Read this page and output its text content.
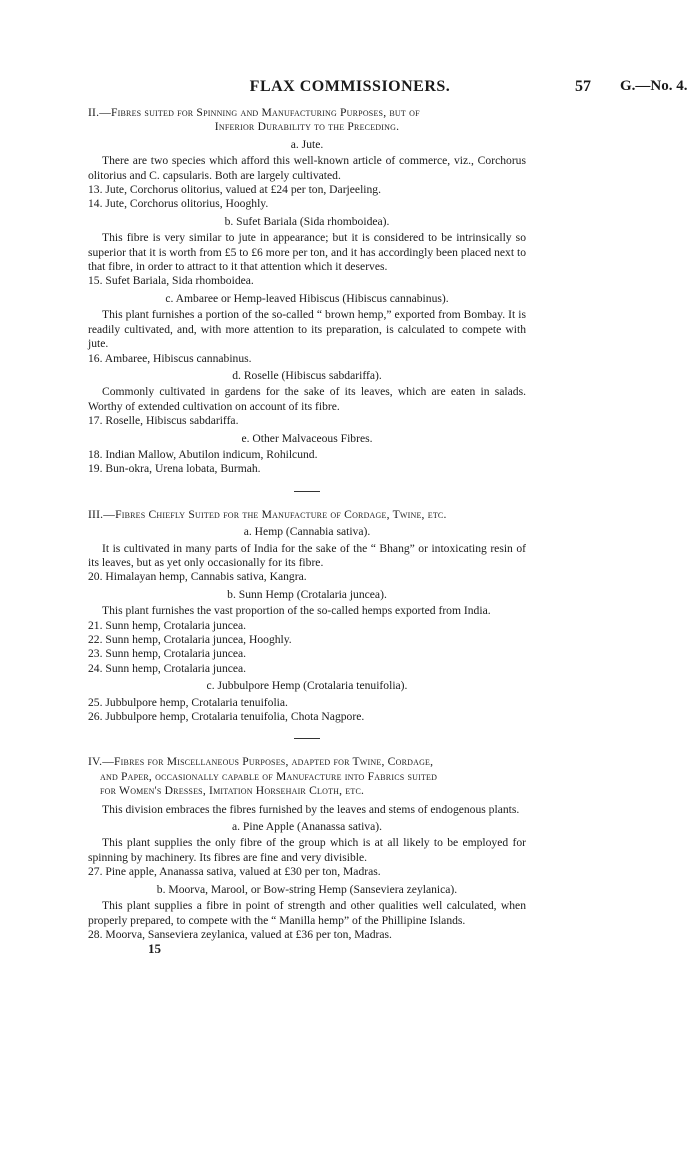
FLAX COMMISSIONERS.	57 G.—No. 4.
II.—Fibres suited for Spinning and Manufacturing Purposes, but of
Inferior Durability to the Preceding.

a. Jute.

There are two species which afford this well-known article of commerce, viz., Corchorus olitorius and C. capsularis. Both are largely cultivated.

13. Jute, Corchorus olitorius, valued at £24 per ton, Darjeeling.

14. Jute, Corchorus olitorius, Hooghly.

b. Sufet Bariala (Sida rhomboidea).

This fibre is very similar to jute in appearance; but it is considered to be intrinsically so superior that it is worth from £5 to £6 more per ton, and it has accordingly been placed next to that fibre, in order to attract to it that attention which it deserves.

15. Sufet Bariala, Sida rhomboidea.

c. Ambaree or Hemp-leaved Hibiscus (Hibiscus cannabinus).

This plant furnishes a portion of the so-called “ brown hemp,” exported from Bombay. It is readily cultivated, and, with more attention to its preparation, is calculated to compete with jute.

16. Ambaree, Hibiscus cannabinus.

d. Roselle (Hibiscus sabdariffa).

Commonly cultivated in gardens for the sake of its leaves, which are eaten in salads. Worthy of extended cultivation on account of its fibre.

17. Roselle, Hibiscus sabdariffa.

e. Other Malvaceous Fibres.

18. Indian Mallow, Abutilon indicum, Rohilcund.

19. Bun-okra, Urena lobata, Burmah.

III.—Fibres Chiefly Suited for the Manufacture of Cordage, Twine, etc.

a. Hemp (Cannabia sativa).

It is cultivated in many parts of India for the sake of the “ Bhang” or intoxicating resin of its leaves, but as yet only occasionally for its fibre.

20. Himalayan hemp, Cannabis sativa, Kangra.

b. Sunn Hemp (Crotalaria juncea).

This plant furnishes the vast proportion of the so-called hemps exported from India.

21. Sunn hemp, Crotalaria juncea.

22. Sunn hemp, Crotalaria juncea, Hooghly.

23. Sunn hemp, Crotalaria juncea.

24. Sunn hemp, Crotalaria juncea.

c. Jubbulpore Hemp (Crotalaria tenuifolia).

25. Jubbulpore hemp, Crotalaria tenuifolia.

26. Jubbulpore hemp, Crotalaria tenuifolia, Chota Nagpore.

IV.—Fibres for Miscellaneous Purposes, adapted for Twine, Cordage,
and Paper, occasionally capable of Manufacture into Fabrics suited
for Women's Dresses, Imitation Horsehair Cloth, etc.

This division embraces the fibres furnished by the leaves and stems of endogenous plants.

a. Pine Apple (Ananassa sativa).

This plant supplies the only fibre of the group which is at all likely to be employed for spinning by machinery. Its fibres are fine and very divisible.

27. Pine apple, Ananassa sativa, valued at £30 per ton, Madras.

b. Moorva, Marool, or Bow-string Hemp (Sanseviera zeylanica).

This plant supplies a fibre in point of strength and other qualities well calculated, when properly prepared, to compete with the “ Manilla hemp” of the Phillipine Islands.

28. Moorva, Sanseviera zeylanica, valued at £36 per ton, Madras.

15
